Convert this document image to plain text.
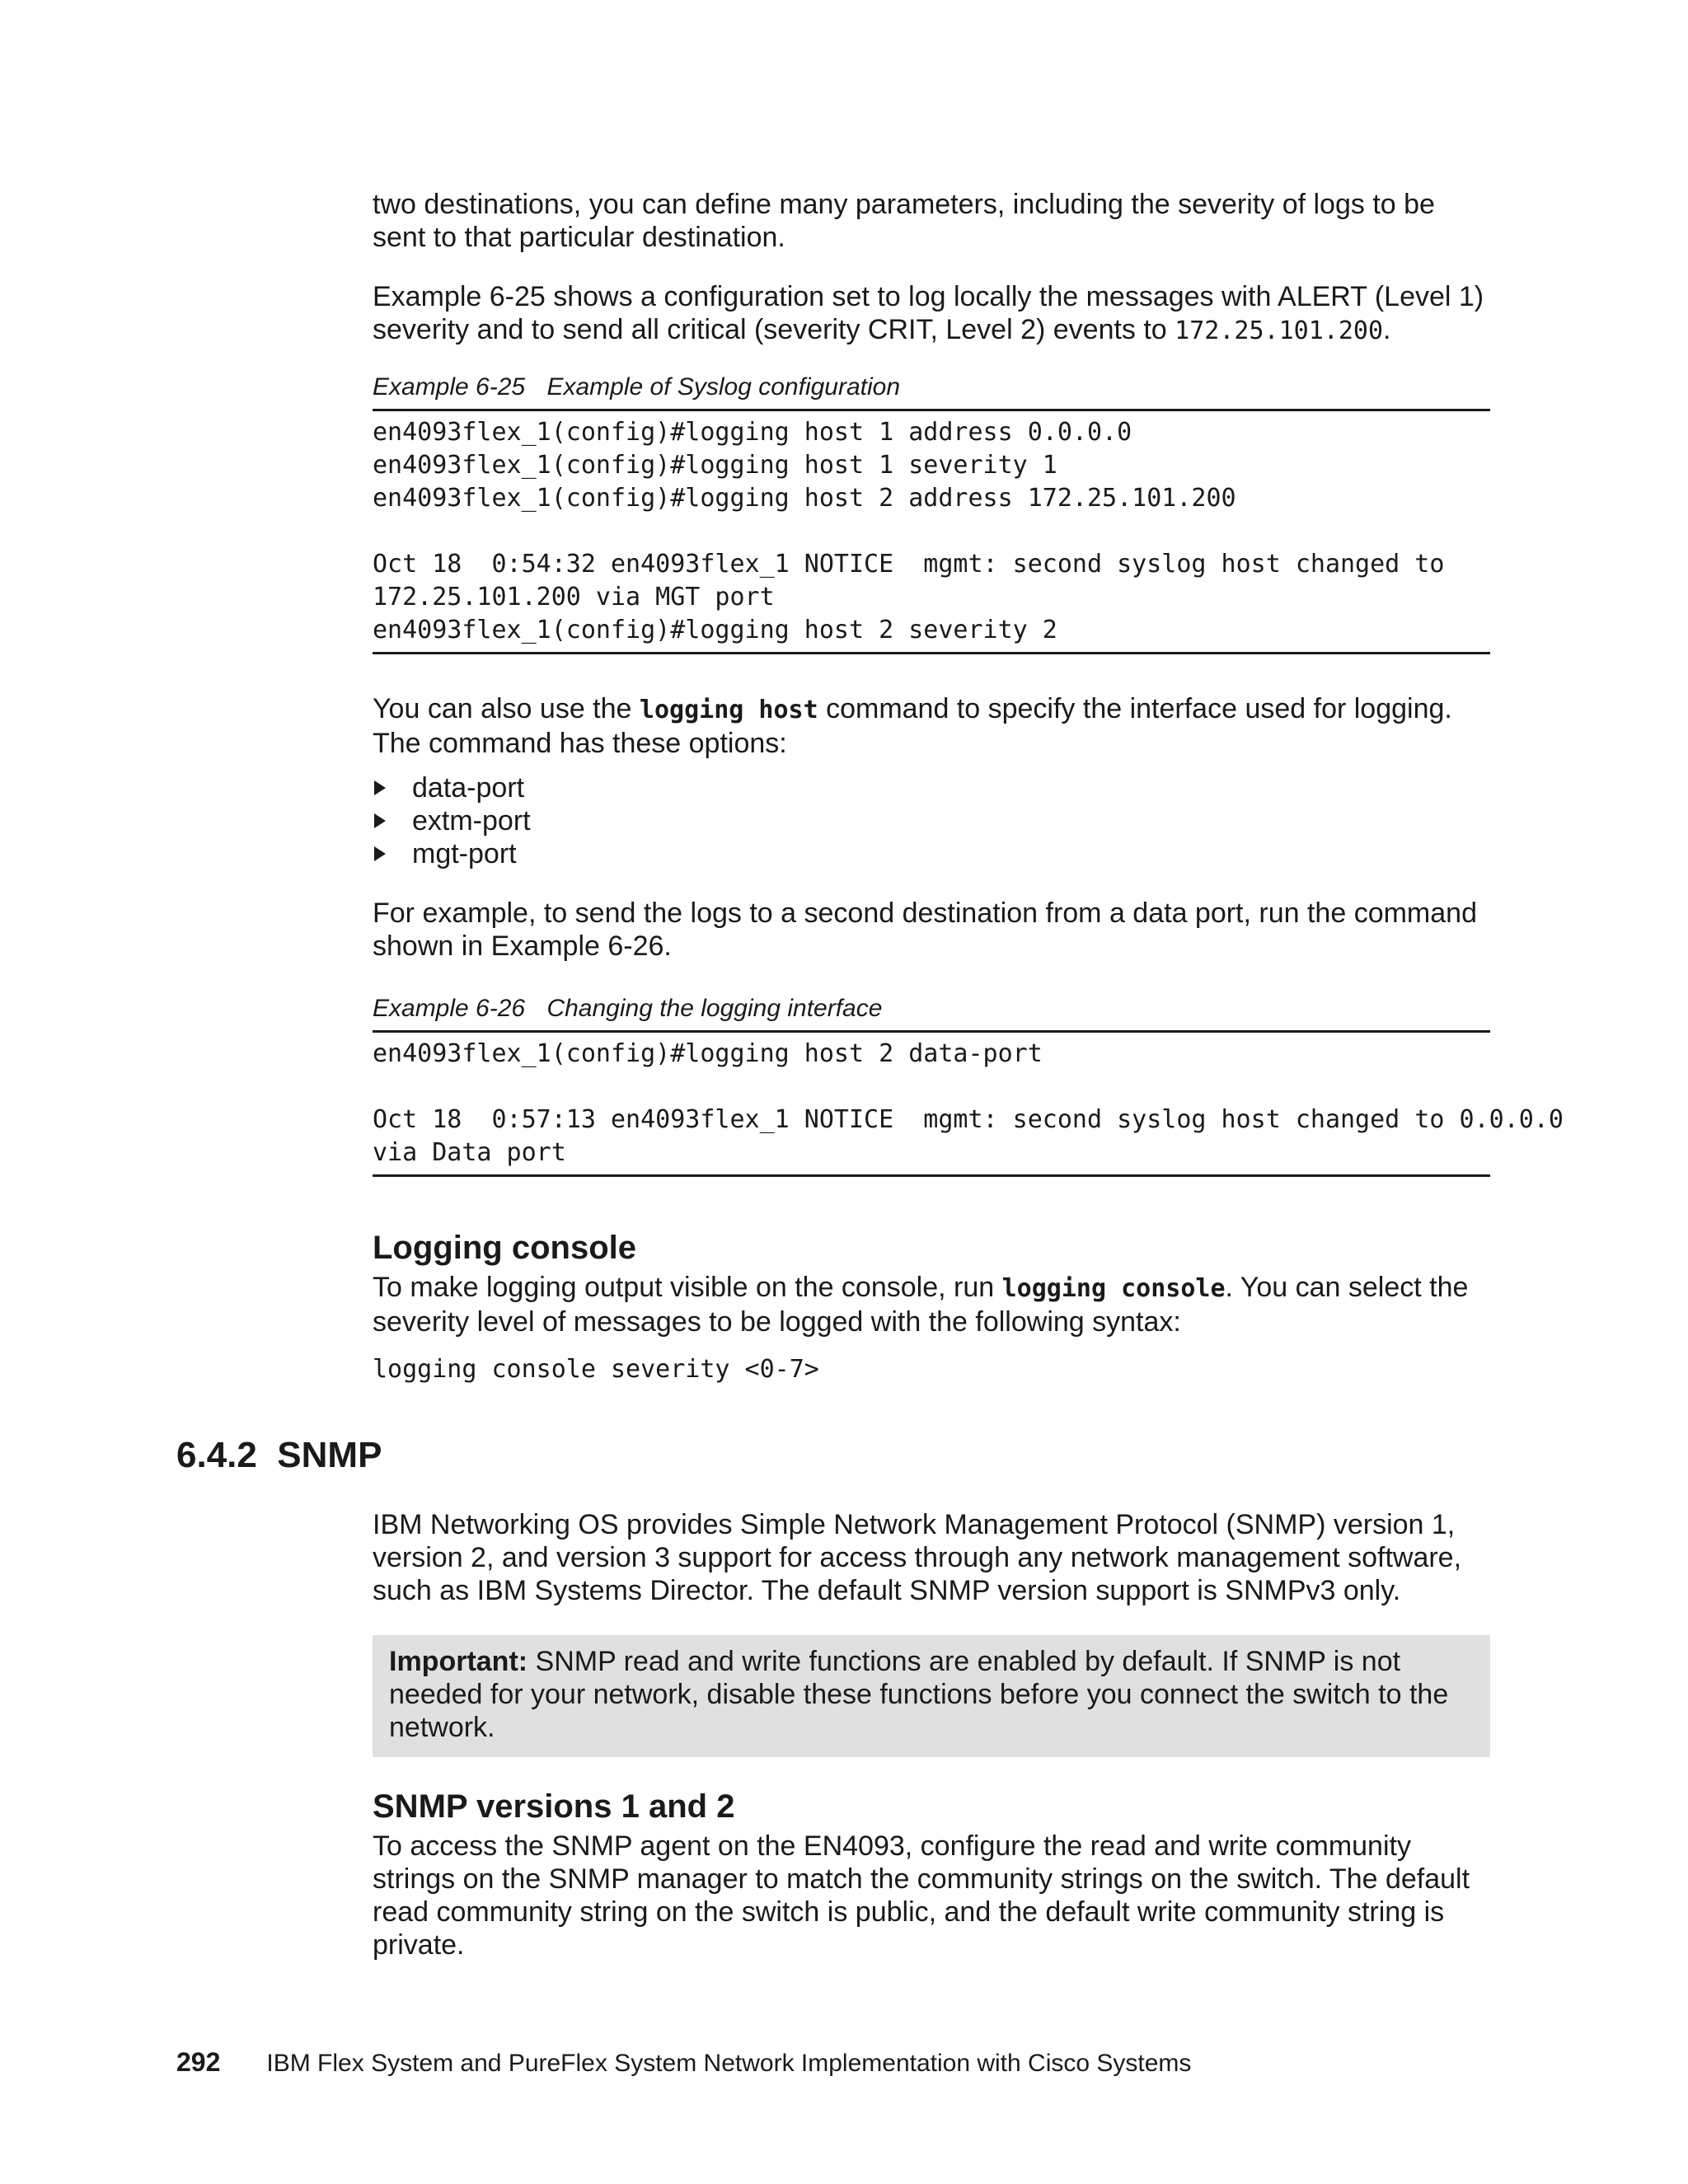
two destinations, you can define many parameters, including the severity of logs to be sent to that particular destination.

Example 6-25 shows a configuration set to log locally the messages with ALERT (Level 1) severity and to send all critical (severity CRIT, Level 2) events to 172.25.101.200.

Example 6-25 Example of Syslog configuration
en4093flex_1(config)#logging host 1 address 0.0.0.0
en4093flex_1(config)#logging host 1 severity 1
en4093flex_1(config)#logging host 2 address 172.25.101.200

Oct 18  0:54:32 en4093flex_1 NOTICE  mgmt: second syslog host changed to
172.25.101.200 via MGT port
en4093flex_1(config)#logging host 2 severity 2

You can also use the logging host command to specify the interface used for logging. The command has these options:

data-port
extm-port
mgt-port

For example, to send the logs to a second destination from a data port, run the command shown in Example 6-26.

Example 6-26 Changing the logging interface
en4093flex_1(config)#logging host 2 data-port

Oct 18  0:57:13 en4093flex_1 NOTICE  mgmt: second syslog host changed to 0.0.0.0
via Data port
Logging console

To make logging output visible on the console, run logging console. You can select the severity level of messages to be logged with the following syntax:

logging console severity <0-7>
6.4.2  SNMP

IBM Networking OS provides Simple Network Management Protocol (SNMP) version 1, version 2, and version 3 support for access through any network management software, such as IBM Systems Director. The default SNMP version support is SNMPv3 only.

Important: SNMP read and write functions are enabled by default. If SNMP is not needed for your network, disable these functions before you connect the switch to the network.
SNMP versions 1 and 2

To access the SNMP agent on the EN4093, configure the read and write community strings on the SNMP manager to match the community strings on the switch. The default read community string on the switch is public, and the default write community string is private.

292 IBM Flex System and PureFlex System Network Implementation with Cisco Systems
